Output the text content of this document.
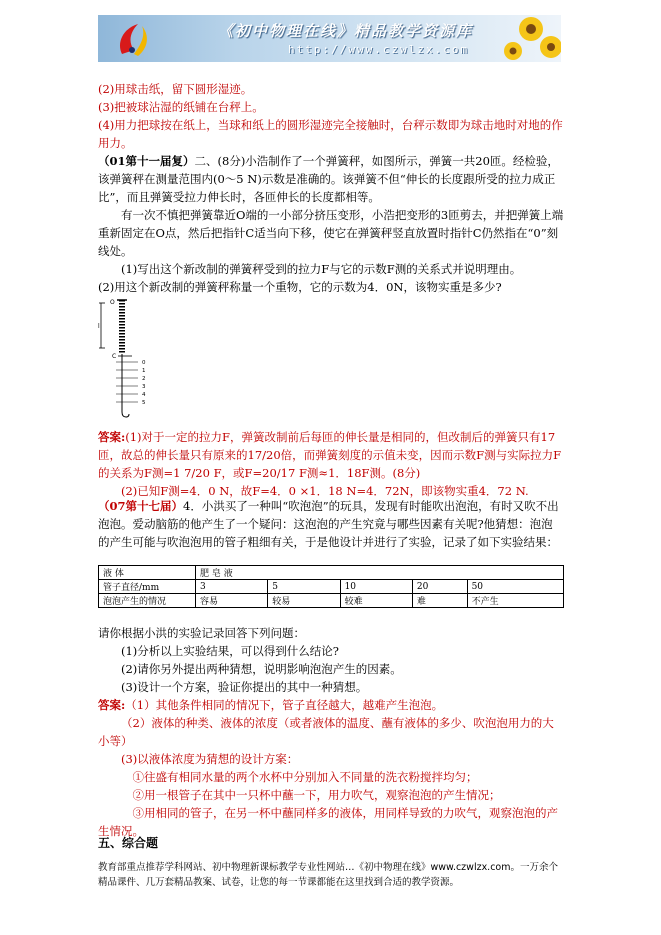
《初中物理在线》精品教学资源库
http://www.czwlzx.com
(2)用球击纸，留下圆形湿迹。
(3)把被球沾湿的纸铺在台秤上。
(4)用力把球按在纸上，当球和纸上的圆形湿迹完全接触时，台秤示数即为球击地时对地的作用力。
（01第十一届复）二、(8分)小浩制作了一个弹簧秤，如图所示，弹簧一共20匝。经检验，该弹簧秤在测量范围内(0～5 N)示数是准确的。该弹簧不但“伸长的长度跟所受的拉力成正比”，而且弹簧受拉力伸长时，各匝伸长的长度都相等。
有一次不慎把弹簧靠近O端的一小部分挤压变形，小浩把变形的3匝剪去，并把弹簧上端重新固定在O点，然后把指针C适当向下移，使它在弹簧秤竖直放置时指针C仍然指在“0”刻线处。
(1)写出这个新改制的弹簧秤受到的拉力F与它的示数F测的关系式并说明理由。
(2)用这个新改制的弹簧秤称量一个重物，它的示数为4．0N，该物实重是多少?
l
O
C
0
1
2
3
4
5
答案:(1)对于一定的拉力F，弹簧改制前后每匝的伸长量是相同的，但改制后的弹簧只有17匝，故总的伸长量只有原来的17/20倍，而弹簧刻度的示值未变，因而示数F测与实际拉力F的关系为F测=1 7/20 F，或F=20/17 F测≈1．18F测。(8分)
(2)已知F测=4．0 N，故F=4．0 ×1．18 N=4．72N，即该物实重4．72 N.
（07第十七届）4．小洪买了一种叫“吹泡泡”的玩具，发现有时能吹出泡泡，有时又吹不出泡泡。爱动脑筋的他产生了一个疑问：这泡泡的产生究竟与哪些因素有关呢?他猜想：泡泡的产生可能与吹泡泡用的管子粗细有关，于是他设计并进行了实验，记录了如下实验结果：
液 体	肥 皂 液				
管子直径/mm	3	5	10	20	50
泡泡产生的情况	容易	较易	较难	难	不产生
请你根据小洪的实验记录回答下列问题：
(1)分析以上实验结果，可以得到什么结论?
(2)请你另外提出两种猜想，说明影响泡泡产生的因素。
(3)设计一个方案，验证你提出的其中一种猜想。
答案:（1）其他条件相同的情况下，管子直径越大，越难产生泡泡。
（2）液体的种类、液体的浓度（或者液体的温度、蘸有液体的多少、吹泡泡用力的大小等）
(3)以液体浓度为猜想的设计方案：
①往盛有相同水量的两个水杯中分别加入不同量的洗衣粉搅拌均匀；
②用一根管子在其中一只杯中蘸一下，用力吹气，观察泡泡的产生情况；
③用相同的管子，在另一杯中蘸同样多的液体，用同样导致的力吹气，观察泡泡的产生情况。
五、综合题
教育部重点推荐学科网站、初中物理新课标教学专业性网站…《初中物理在线》www.czwlzx.com。一万余个精品课件、几万套精品教案、试卷，让您的每一节课都能在这里找到合适的教学资源。
